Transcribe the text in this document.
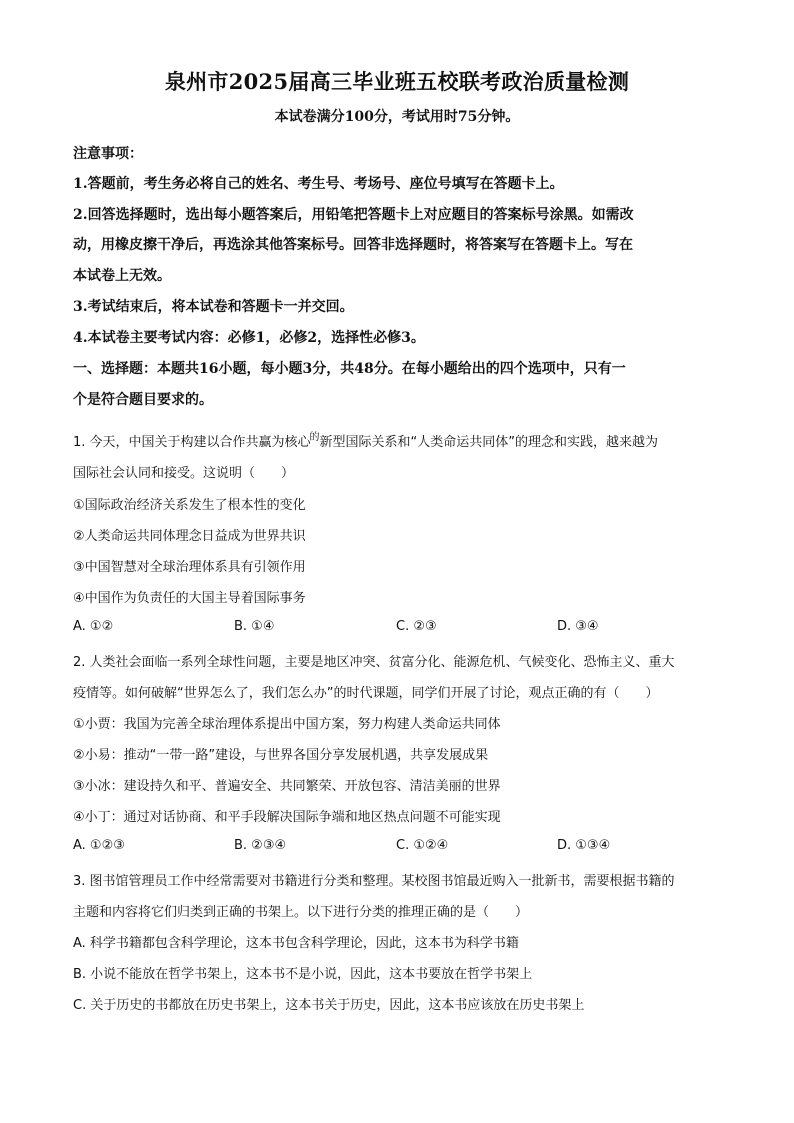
泉州市2025届高三毕业班五校联考政治质量检测
本试卷满分100分，考试用时75分钟。
注意事项：
1.答题前，考生务必将自己的姓名、考生号、考场号、座位号填写在答题卡上。
2.回答选择题时，选出每小题答案后，用铅笔把答题卡上对应题目的答案标号涂黑。如需改
动，用橡皮擦干净后，再选涂其他答案标号。回答非选择题时，将答案写在答题卡上。写在
本试卷上无效。
3.考试结束后，将本试卷和答题卡一并交回。
4.本试卷主要考试内容：必修1，必修2，选择性必修3。
一、选择题：本题共16小题，每小题3分，共48分。在每小题给出的四个选项中，只有一
个是符合题目要求的。
1. 今天，中国关于构建以合作共赢为核心$^的$新型国际关系和“人类命运共同体”的理念和实践，越来越为
国际社会认同和接受。这说明（　　）
①国际政治经济关系发生了根本性的变化
②人类命运共同体理念日益成为世界共识
③中国智慧对全球治理体系具有引领作用
④中国作为负责任的大国主导着国际事务
A. ①②	B. ①④	C. ②③	D. ③④
2. 人类社会面临一系列全球性问题，主要是地区冲突、贫富分化、能源危机、气候变化、恐怖主义、重大
疫情等。如何破解“世界怎么了，我们怎么办”的时代课题，同学们开展了讨论，观点正确的有（　　）
①小贾：我国为完善全球治理体系提出中国方案，努力构建人类命运共同体
②小易：推动“一带一路”建设，与世界各国分享发展机遇，共享发展成果
③小冰：建设持久和平、普遍安全、共同繁荣、开放包容、清洁美丽的世界
④小丁：通过对话协商、和平手段解决国际争端和地区热点问题不可能实现
A. ①②③	B. ②③④	C. ①②④	D. ①③④
3. 图书馆管理员工作中经常需要对书籍进行分类和整理。某校图书馆最近购入一批新书，需要根据书籍的
主题和内容将它们归类到正确的书架上。以下进行分类的推理正确的是（　　）
A. 科学书籍都包含科学理论，这本书包含科学理论，因此，这本书为科学书籍
B. 小说不能放在哲学书架上，这本书不是小说，因此，这本书要放在哲学书架上
C. 关于历史的书都放在历史书架上，这本书关于历史，因此，这本书应该放在历史书架上
